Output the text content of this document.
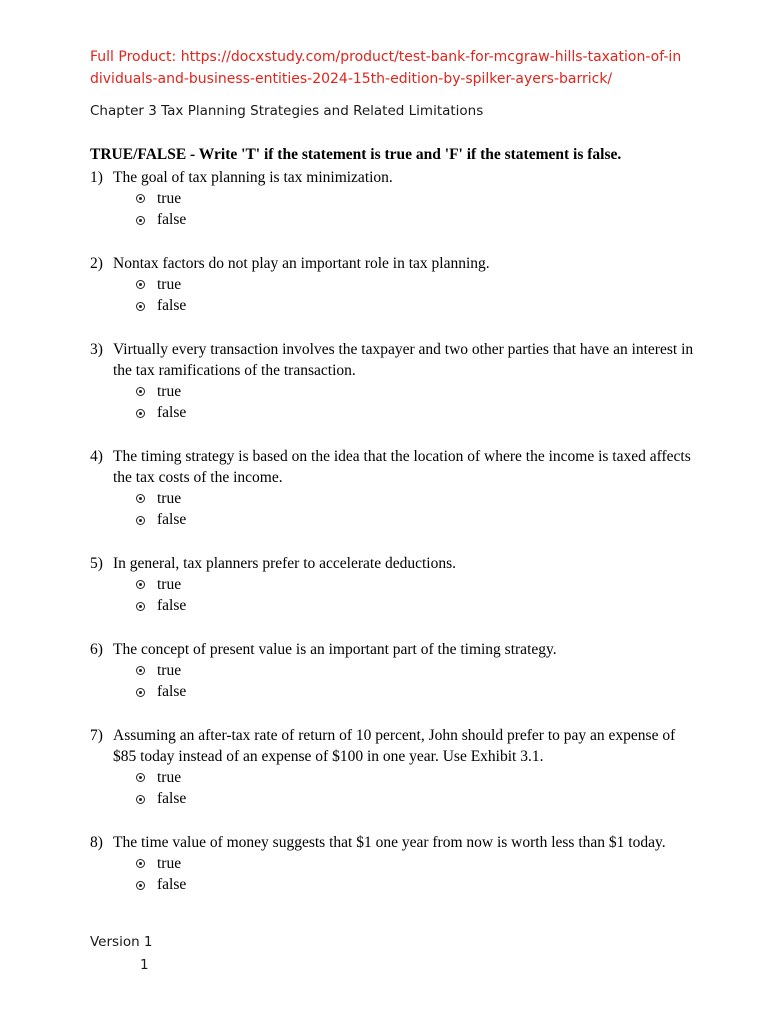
Full Product: https://docxstudy.com/product/test-bank-for-mcgraw-hills-taxation-of-individuals-and-business-entities-2024-15th-edition-by-spilker-ayers-barrick/
Chapter 3 Tax Planning Strategies and Related Limitations
TRUE/FALSE - Write 'T' if the statement is true and 'F' if the statement is false.
1) The goal of tax planning is tax minimization.
true
false
2) Nontax factors do not play an important role in tax planning.
true
false
3) Virtually every transaction involves the taxpayer and two other parties that have an interest in the tax ramifications of the transaction.
true
false
4) The timing strategy is based on the idea that the location of where the income is taxed affects the tax costs of the income.
true
false
5) In general, tax planners prefer to accelerate deductions.
true
false
6) The concept of present value is an important part of the timing strategy.
true
false
7) Assuming an after-tax rate of return of 10 percent, John should prefer to pay an expense of $85 today instead of an expense of $100 in one year. Use Exhibit 3.1.
true
false
8) The time value of money suggests that $1 one year from now is worth less than $1 today.
true
false
Version 1
1
